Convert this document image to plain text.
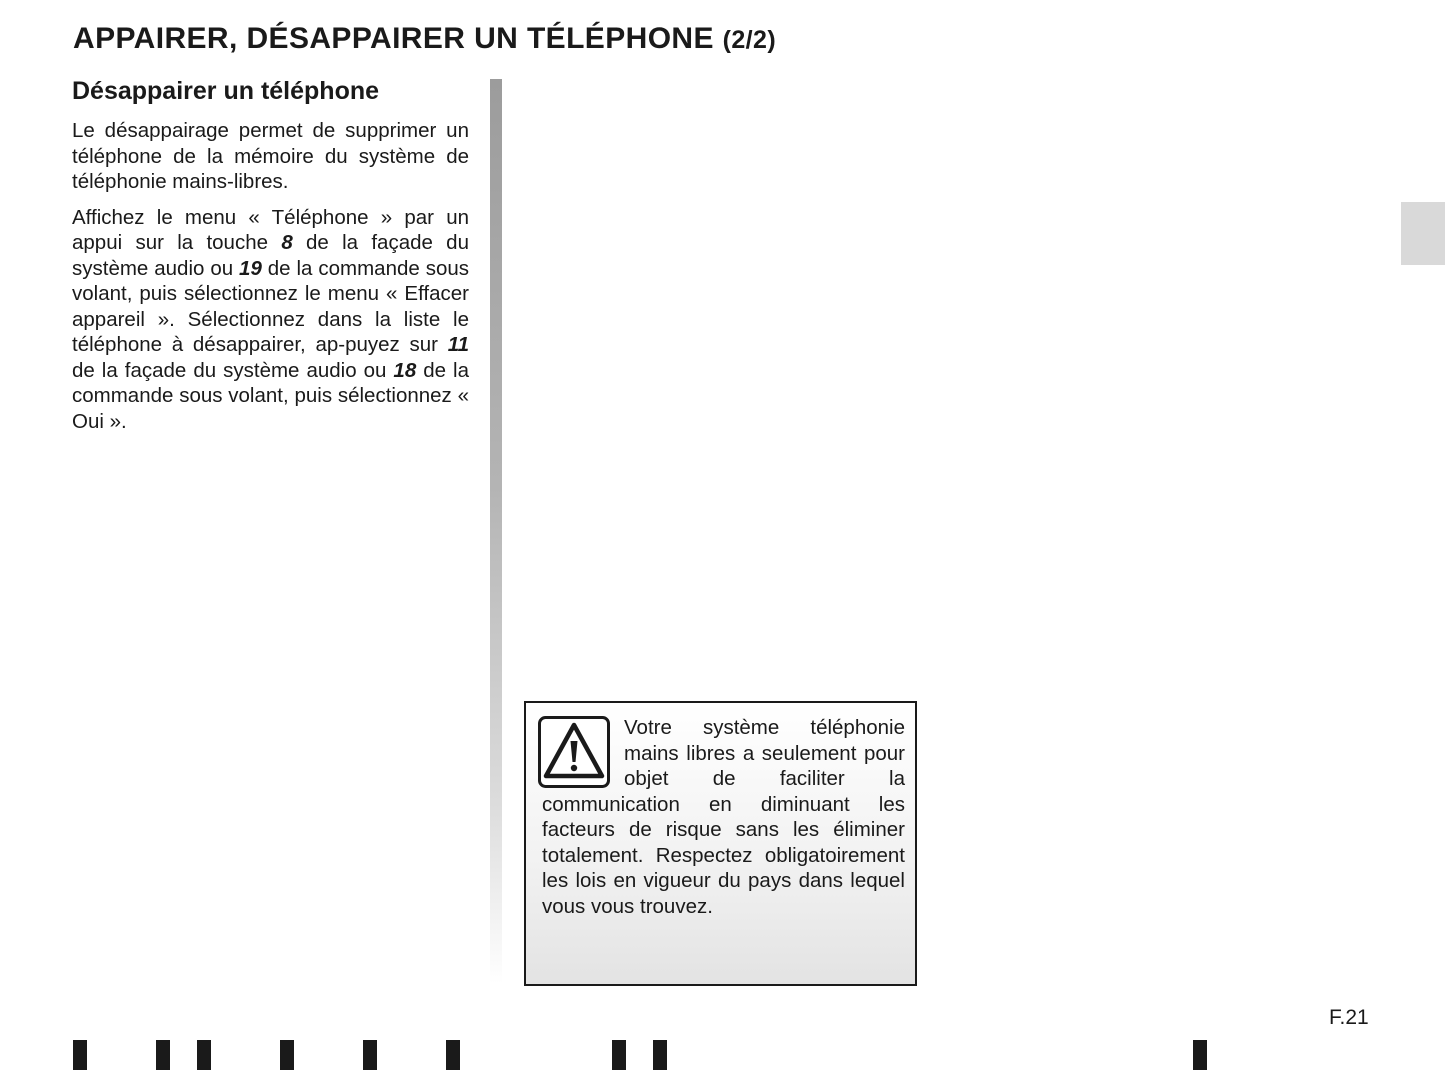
APPAIRER, DÉSAPPAIRER UN TÉLÉPHONE (2/2)
Désappairer un téléphone

Le désappairage permet de supprimer un téléphone de la mémoire du système de téléphonie mains-libres.

Affichez le menu « Téléphone » par un appui sur la touche 8 de la façade du système audio ou 19 de la commande sous volant, puis sélectionnez le menu « Effacer appareil ». Sélectionnez dans la liste le téléphone à désappairer, ap-puyez sur 11 de la façade du système audio ou 18 de la commande sous volant, puis sélectionnez « Oui ».

Votre système téléphonie mains libres a seulement pour objet de faciliter la communication en diminuant les facteurs de risque sans les éliminer totalement. Respectez obligatoirement les lois en vigueur du pays dans lequel vous vous trouvez.

F.21
